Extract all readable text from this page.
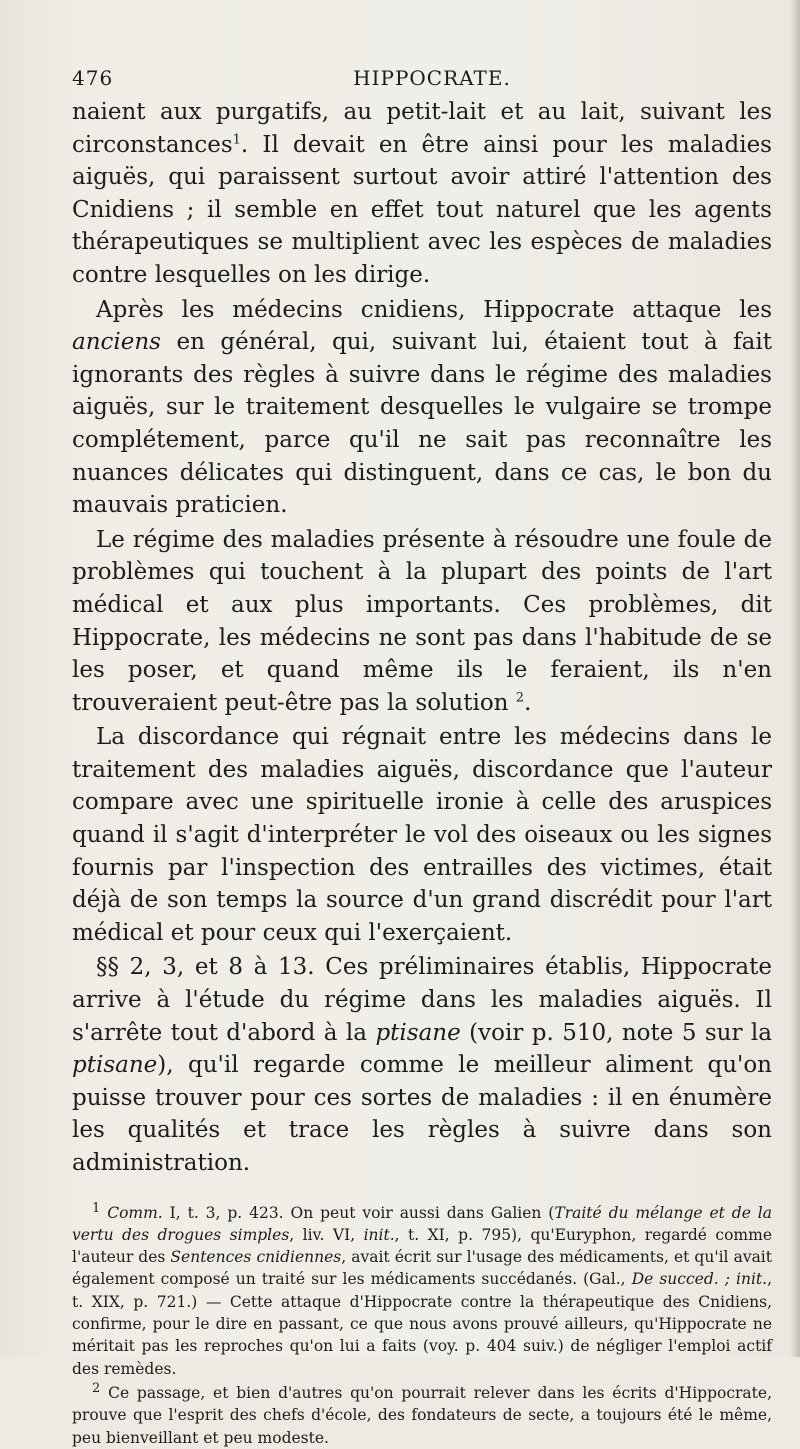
476	HIPPOCRATE.

naient aux purgatifs, au petit-lait et au lait, suivant les circonstances$^1$. Il devait en être ainsi pour les maladies aiguës, qui paraissent surtout avoir attiré l'attention des Cnidiens ; il semble en effet tout naturel que les agents thérapeutiques se multiplient avec les espèces de maladies contre lesquelles on les dirige.

Après les médecins cnidiens, Hippocrate attaque les anciens en général, qui, suivant lui, étaient tout à fait ignorants des règles à suivre dans le régime des maladies aiguës, sur le traitement desquelles le vulgaire se trompe complétement, parce qu'il ne sait pas reconnaître les nuances délicates qui distinguent, dans ce cas, le bon du mauvais praticien.

Le régime des maladies présente à résoudre une foule de problèmes qui touchent à la plupart des points de l'art médical et aux plus importants. Ces problèmes, dit Hippocrate, les médecins ne sont pas dans l'habitude de se les poser, et quand même ils le feraient, ils n'en trouveraient peut-être pas la solution $^2$.

La discordance qui régnait entre les médecins dans le traitement des maladies aiguës, discordance que l'auteur compare avec une spirituelle ironie à celle des aruspices quand il s'agit d'interpréter le vol des oiseaux ou les signes fournis par l'inspection des entrailles des victimes, était déjà de son temps la source d'un grand discrédit pour l'art médical et pour ceux qui l'exerçaient.

§§ 2, 3, et 8 à 13. Ces préliminaires établis, Hippocrate arrive à l'étude du régime dans les maladies aiguës. Il s'arrête tout d'abord à la ptisane (voir p. 510, note 5 sur la ptisane), qu'il regarde comme le meilleur aliment qu'on puisse trouver pour ces sortes de maladies : il en énumère les qualités et trace les règles à suivre dans son administration.

$^1$ Comm. I, t. 3, p. 423. On peut voir aussi dans Galien (Traité du mélange et de la vertu des drogues simples, liv. VI, init., t. XI, p. 795), qu'Euryphon, regardé comme l'auteur des Sentences cnidiennes, avait écrit sur l'usage des médicaments, et qu'il avait également composé un traité sur les médicaments succédanés. (Gal., De succed. ; init., t. XIX, p. 721.) — Cette attaque d'Hippocrate contre la thérapeutique des Cnidiens, confirme, pour le dire en passant, ce que nous avons prouvé ailleurs, qu'Hippocrate ne méritait pas les reproches qu'on lui a faits (voy. p. 404 suiv.) de négliger l'emploi actif des remèdes.

$^2$ Ce passage, et bien d'autres qu'on pourrait relever dans les écrits d'Hippocrate, prouve que l'esprit des chefs d'école, des fondateurs de secte, a toujours été le même, peu bienveillant et peu modeste.
